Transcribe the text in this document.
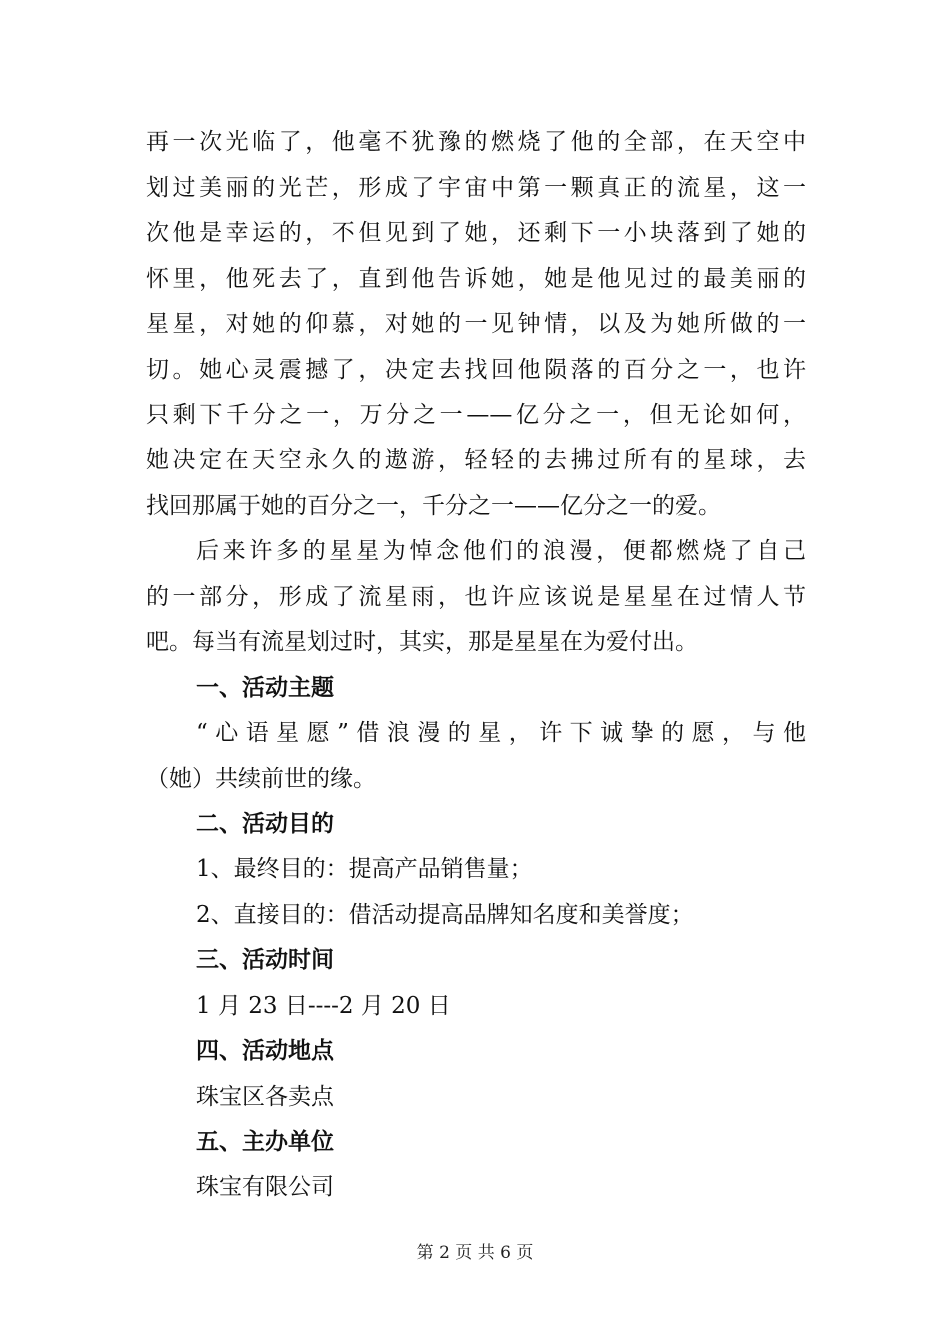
再一次光临了，他毫不犹豫的燃烧了他的全部，在天空中
划过美丽的光芒，形成了宇宙中第一颗真正的流星，这一
次他是幸运的，不但见到了她，还剩下一小块落到了她的
怀里，他死去了，直到他告诉她，她是他见过的最美丽的
星星，对她的仰慕，对她的一见钟情，以及为她所做的一
切。她心灵震撼了，决定去找回他陨落的百分之一，也许
只剩下千分之一，万分之一——亿分之一，但无论如何，
她决定在天空永久的遨游，轻轻的去拂过所有的星球，去
找回那属于她的百分之一，千分之一——亿分之一的爱。
后来许多的星星为悼念他们的浪漫，便都燃烧了自己
的一部分，形成了流星雨，也许应该说是星星在过情人节
吧。每当有流星划过时，其实，那是星星在为爱付出。
一、活动主题
“心语星愿”借浪漫的星，许下诚挚的愿，与他
（她）共续前世的缘。
二、活动目的
1、最终目的：提高产品销售量；
2、直接目的：借活动提高品牌知名度和美誉度；
三、活动时间
1 月 23 日----2 月 20 日
四、活动地点
珠宝区各卖点
五、主办单位
珠宝有限公司
第 2 页 共 6 页
